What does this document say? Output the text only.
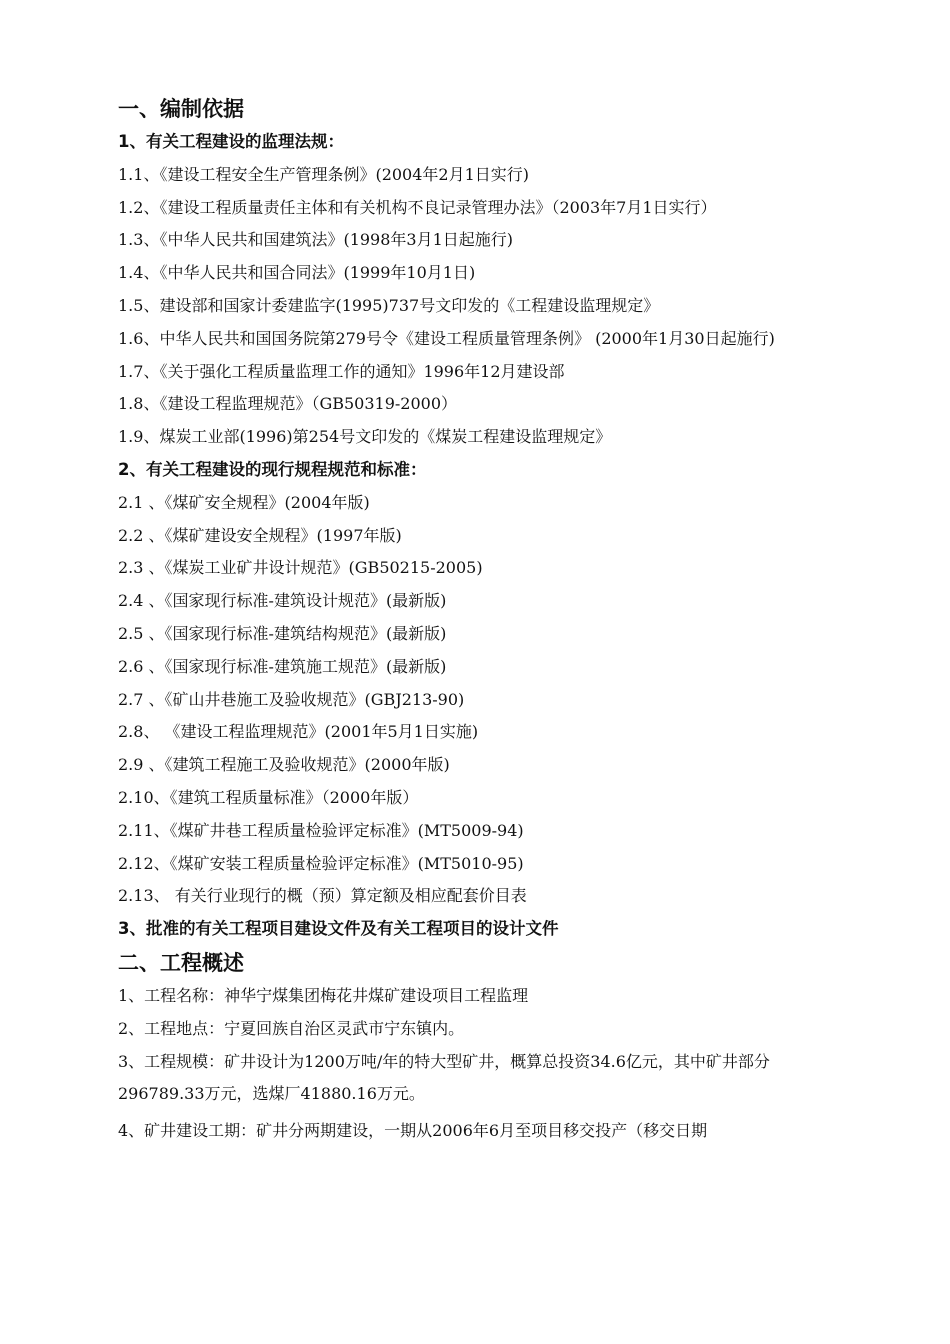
一、编制依据
1、有关工程建设的监理法规：
1.1、《建设工程安全生产管理条例》(2004年2月1日实行)
1.2、《建设工程质量责任主体和有关机构不良记录管理办法》（2003年7月1日实行）
1.3、《中华人民共和国建筑法》(1998年3月1日起施行)
1.4、《中华人民共和国合同法》(1999年10月1日)
1.5、建设部和国家计委建监字(1995)737号文印发的《工程建设监理规定》
1.6、中华人民共和国国务院第279号令《建设工程质量管理条例》 (2000年1月30日起施行)
1.7、《关于强化工程质量监理工作的通知》1996年12月建设部
1.8、《建设工程监理规范》（GB50319-2000）
1.9、煤炭工业部(1996)第254号文印发的《煤炭工程建设监理规定》
2、有关工程建设的现行规程规范和标准：
2.1 、《煤矿安全规程》(2004年版)
2.2 、《煤矿建设安全规程》(1997年版)
2.3 、《煤炭工业矿井设计规范》(GB50215-2005)
2.4 、《国家现行标准-建筑设计规范》(最新版)
2.5 、《国家现行标准-建筑结构规范》(最新版)
2.6 、《国家现行标准-建筑施工规范》(最新版)
2.7 、《矿山井巷施工及验收规范》(GBJ213-90)
2.8、 《建设工程监理规范》(2001年5月1日实施)
2.9 、《建筑工程施工及验收规范》(2000年版)
2.10、《建筑工程质量标准》（2000年版）
2.11、《煤矿井巷工程质量检验评定标准》(MT5009-94)
2.12、《煤矿安装工程质量检验评定标准》(MT5010-95)
2.13、 有关行业现行的概（预）算定额及相应配套价目表
3、批准的有关工程项目建设文件及有关工程项目的设计文件
二、工程概述
1、工程名称：神华宁煤集团梅花井煤矿建设项目工程监理
2、工程地点：宁夏回族自治区灵武市宁东镇内。
3、工程规模：矿井设计为1200万吨/年的特大型矿井，概算总投资34.6亿元，其中矿井部分296789.33万元，选煤厂41880.16万元。
4、矿井建设工期：矿井分两期建设，一期从2006年6月至项目移交投产（移交日期
